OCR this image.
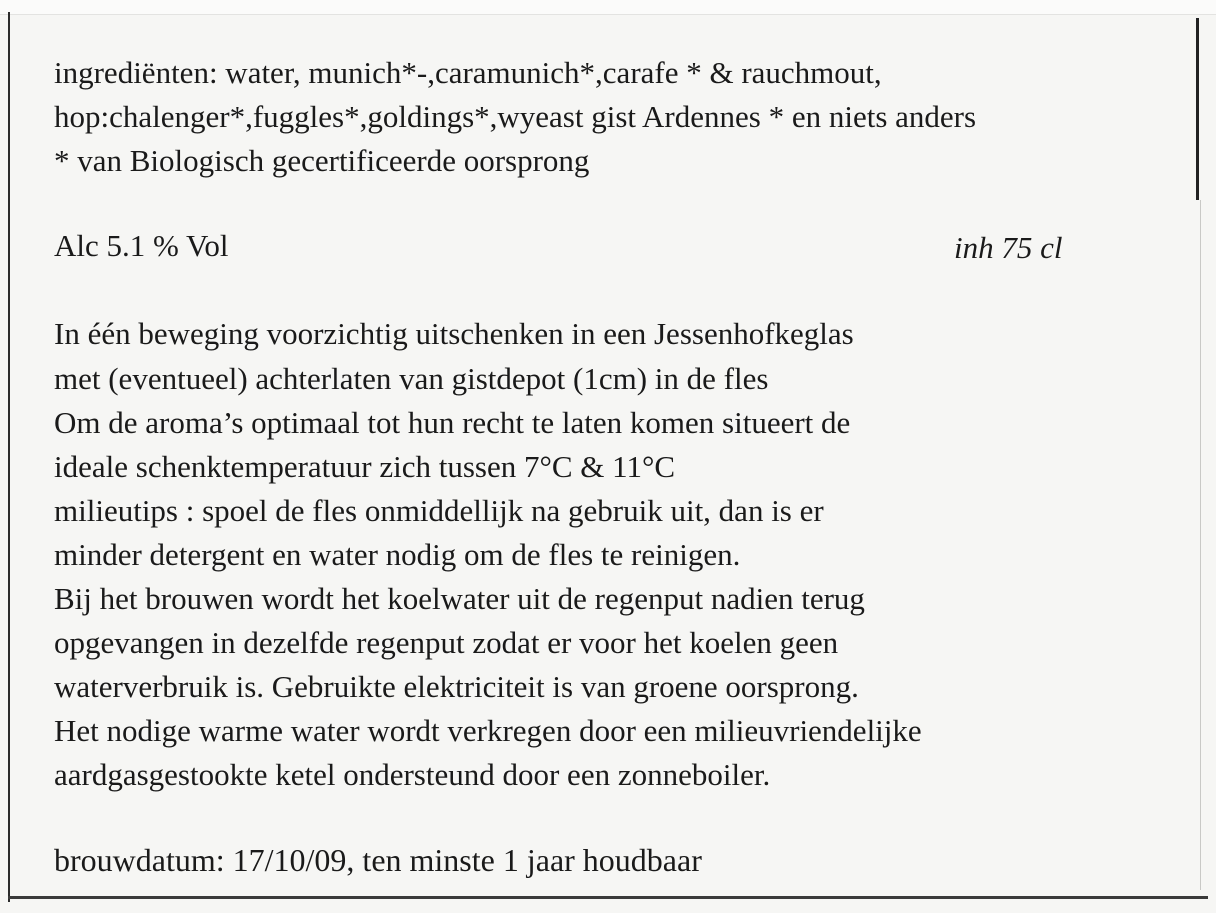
ingrediënten: water, munich*-,caramunich*,carafe * & rauchmout,
hop:chalenger*,fuggles*,goldings*,wyeast gist Ardennes * en niets anders
* van Biologisch gecertificeerde oorsprong
Alc 5.1 % Vol	inh 75 cl
In één beweging voorzichtig uitschenken in een Jessenhofkeglas
met (eventueel) achterlaten van gistdepot (1cm) in de fles
Om de aroma’s optimaal tot hun recht te laten komen situeert de
ideale schenktemperatuur zich tussen 7°C & 11°C
milieutips : spoel de fles onmiddellijk na gebruik uit, dan is er
minder detergent en water nodig om de fles te reinigen.
Bij het brouwen wordt het koelwater uit de regenput nadien terug
opgevangen in dezelfde regenput zodat er voor het koelen geen
waterverbruik is. Gebruikte elektriciteit is van groene oorsprong.
Het nodige warme water wordt verkregen door een milieuvriendelijke
aardgasgestookte ketel ondersteund door een zonneboiler.
brouwdatum: 17/10/09, ten minste 1 jaar houdbaar
